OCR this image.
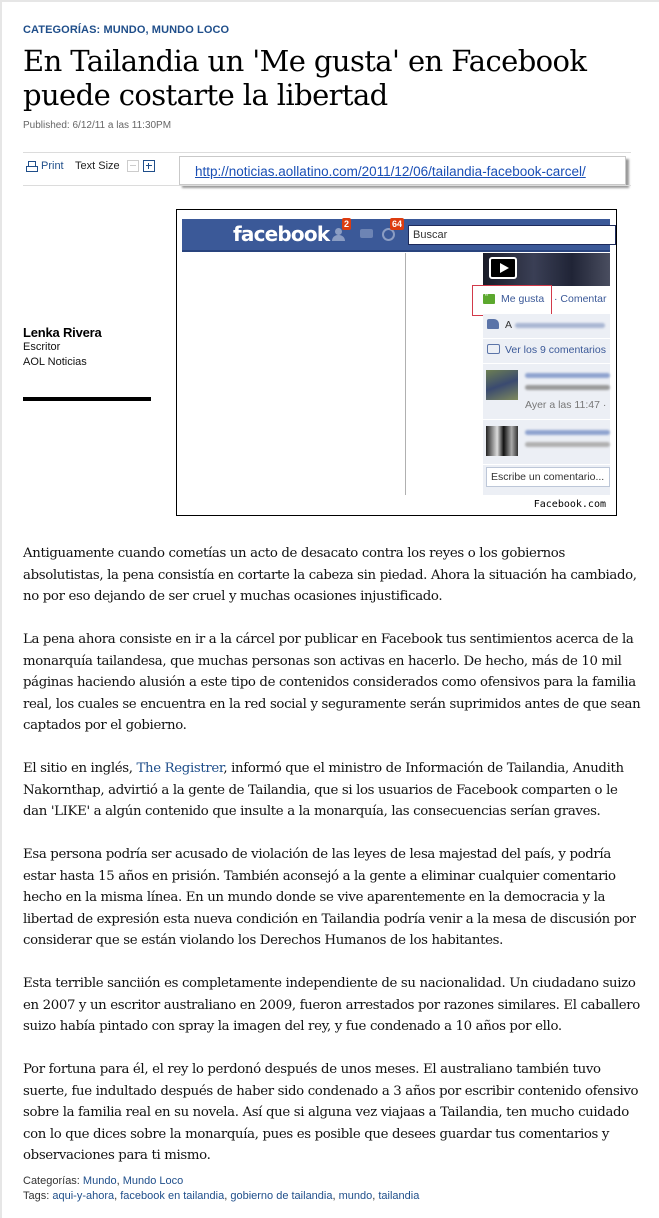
CATEGORÍAS: MUNDO, MUNDO LOCO
En Tailandia un 'Me gusta' en Facebook puede costarte la libertad
Published: 6/12/11 a las 11:30PM
Print Text Size	http://noticias.aollatino.com/2011/12/06/tailandia-facebook-carcel/
Lenka Rivera
Escritor
AOL Noticias
facebook 2	64
Buscar
“
Me gusta · Comentar
A
Ver los 9 comentarios
Ayer a las 11:47 ·
Escribe un comentario...
Facebook.com

Antiguamente cuando cometías un acto de desacato contra los reyes o los gobiernos absolutistas, la pena consistía en cortarte la cabeza sin piedad. Ahora la situación ha cambiado, no por eso dejando de ser cruel y muchas ocasiones injustificado.

La pena ahora consiste en ir a la cárcel por publicar en Facebook tus sentimientos acerca de la monarquía tailandesa, que muchas personas son activas en hacerlo. De hecho, más de 10 mil páginas haciendo alusión a este tipo de contenidos considerados como ofensivos para la familia real, los cuales se encuentra en la red social y seguramente serán suprimidos antes de que sean captados por el gobierno.

El sitio en inglés, The Registrer, informó que el ministro de Información de Tailandia, Anudith Nakornthap, advirtió a la gente de Tailandia, que si los usuarios de Facebook comparten o le dan 'LIKE' a algún contenido que insulte a la monarquía, las consecuencias serían graves.

Esa persona podría ser acusado de violación de las leyes de lesa majestad del país, y podría estar hasta 15 años en prisión. También aconsejó a la gente a eliminar cualquier comentario hecho en la misma línea. En un mundo donde se vive aparentemente en la democracia y la libertad de expresión esta nueva condición en Tailandia podría venir a la mesa de discusión por considerar que se están violando los Derechos Humanos de los habitantes.

Esta terrible sanciión es completamente independiente de su nacionalidad. Un ciudadano suizo en 2007 y un escritor australiano en 2009, fueron arrestados por razones similares. El caballero suizo había pintado con spray la imagen del rey, y fue condenado a 10 años por ello.

Por fortuna para él, el rey lo perdonó después de unos meses. El australiano también tuvo suerte, fue indultado después de haber sido condenado a 3 años por escribir contenido ofensivo sobre la familia real en su novela. Así que si alguna vez viajaas a Tailandia, ten mucho cuidado con lo que dices sobre la monarquía, pues es posible que desees guardar tus comentarios y observaciones para ti mismo.

Categorías: Mundo, Mundo Loco
Tags: aqui-y-ahora, facebook en tailandia, gobierno de tailandia, mundo, tailandia
